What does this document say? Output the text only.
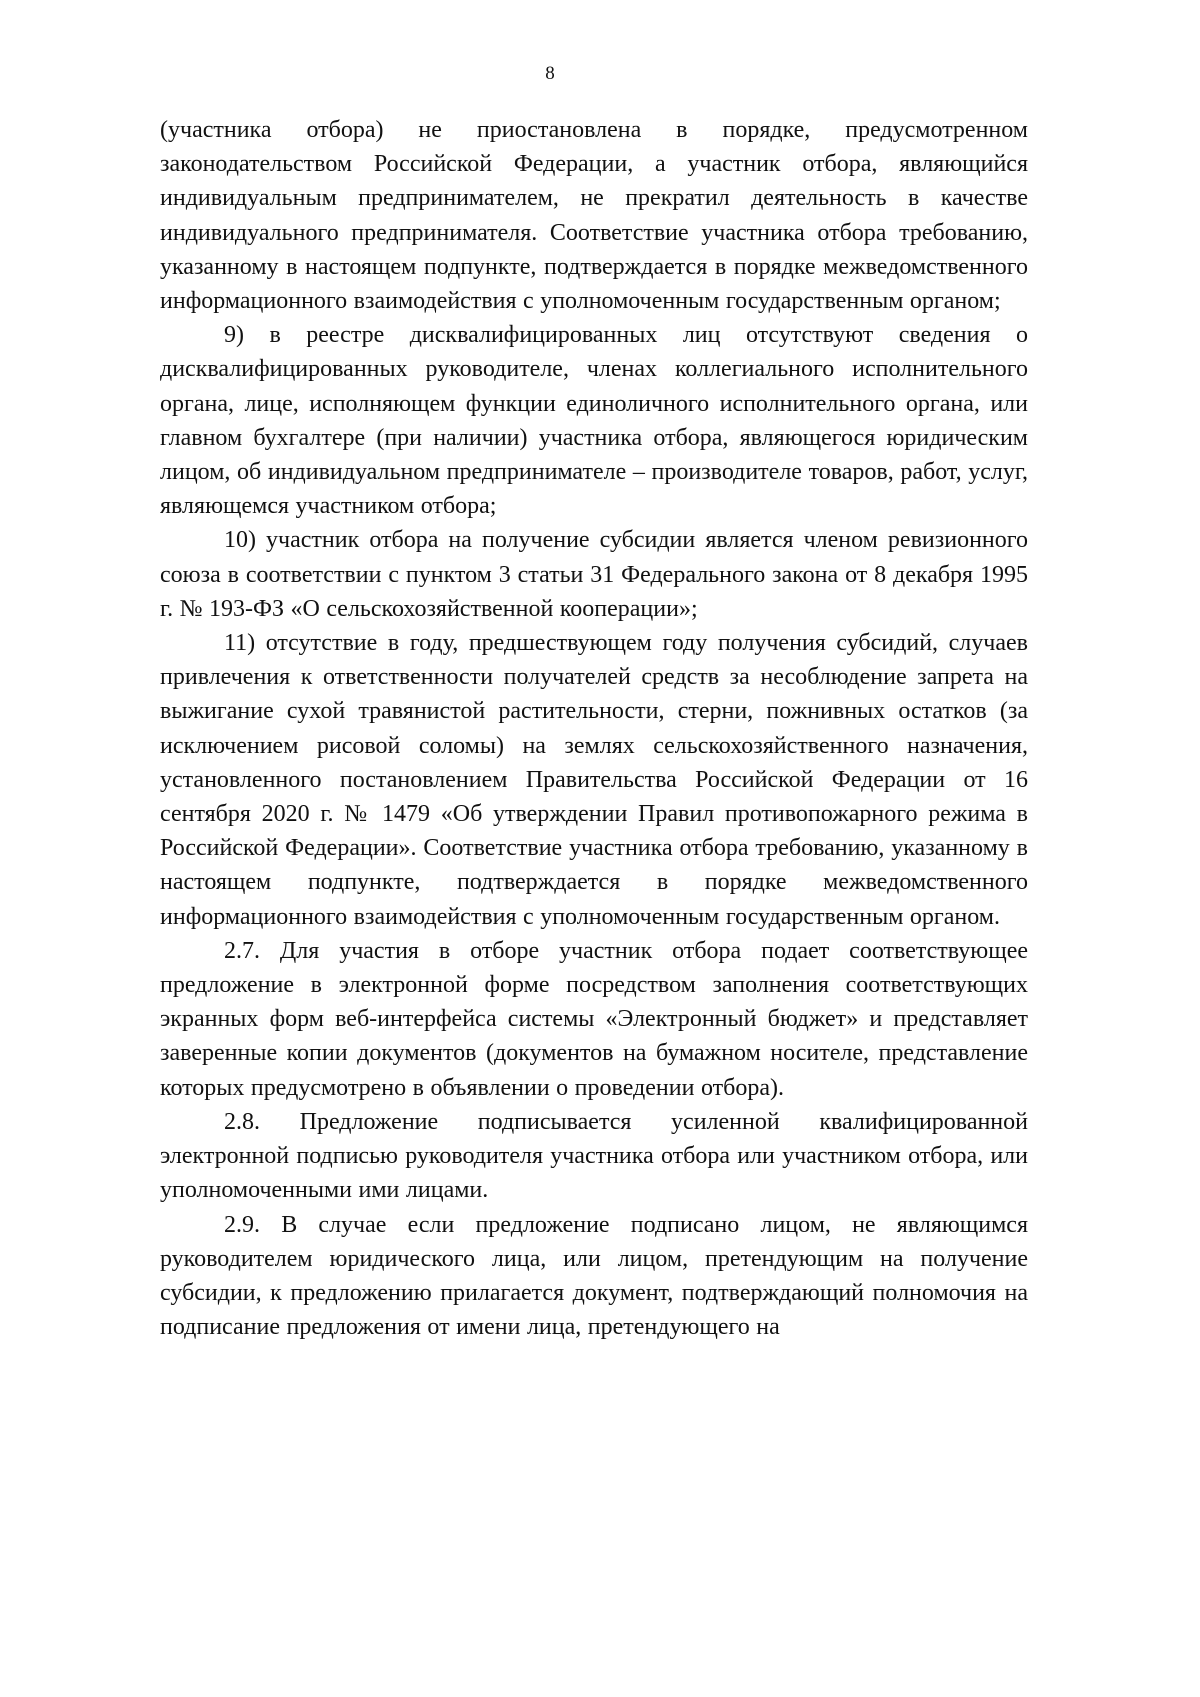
8

(участника отбора) не приостановлена в порядке, предусмотренном законодательством Российской Федерации, а участник отбора, являющийся индивидуальным предпринимателем, не прекратил деятельность в качестве индивидуального предпринимателя. Соответствие участника отбора требованию, указанному в настоящем подпункте, подтверждается в порядке межведомственного информационного взаимодействия с уполномоченным государственным органом;

9) в реестре дисквалифицированных лиц отсутствуют сведения о дисквалифицированных руководителе, членах коллегиального исполнительного органа, лице, исполняющем функции единоличного исполнительного органа, или главном бухгалтере (при наличии) участника отбора, являющегося юридическим лицом, об индивидуальном предпринимателе – производителе товаров, работ, услуг, являющемся участником отбора;

10) участник отбора на получение субсидии является членом ревизионного союза в соответствии с пунктом 3 статьи 31 Федерального закона от 8 декабря 1995 г. № 193-ФЗ «О сельскохозяйственной кооперации»;

11) отсутствие в году, предшествующем году получения субсидий, случаев привлечения к ответственности получателей средств за несоблюдение запрета на выжигание сухой травянистой растительности, стерни, пожнивных остатков (за исключением рисовой соломы) на землях сельскохозяйственного назначения, установленного постановлением Правительства Российской Федерации от 16 сентября 2020 г. № 1479 «Об утверждении Правил противопожарного режима в Российской Федерации». Соответствие участника отбора требованию, указанному в настоящем подпункте, подтверждается в порядке межведомственного информационного взаимодействия с уполномоченным государственным органом.

2.7. Для участия в отборе участник отбора подает соответствующее предложение в электронной форме посредством заполнения соответствующих экранных форм веб-интерфейса системы «Электронный бюджет» и представляет заверенные копии документов (документов на бумажном носителе, представление которых предусмотрено в объявлении о проведении отбора).

2.8. Предложение подписывается усиленной квалифицированной электронной подписью руководителя участника отбора или участником отбора, или уполномоченными ими лицами.

2.9. В случае если предложение подписано лицом, не являющимся руководителем юридического лица, или лицом, претендующим на получение субсидии, к предложению прилагается документ, подтверждающий полномочия на подписание предложения от имени лица, претендующего на
